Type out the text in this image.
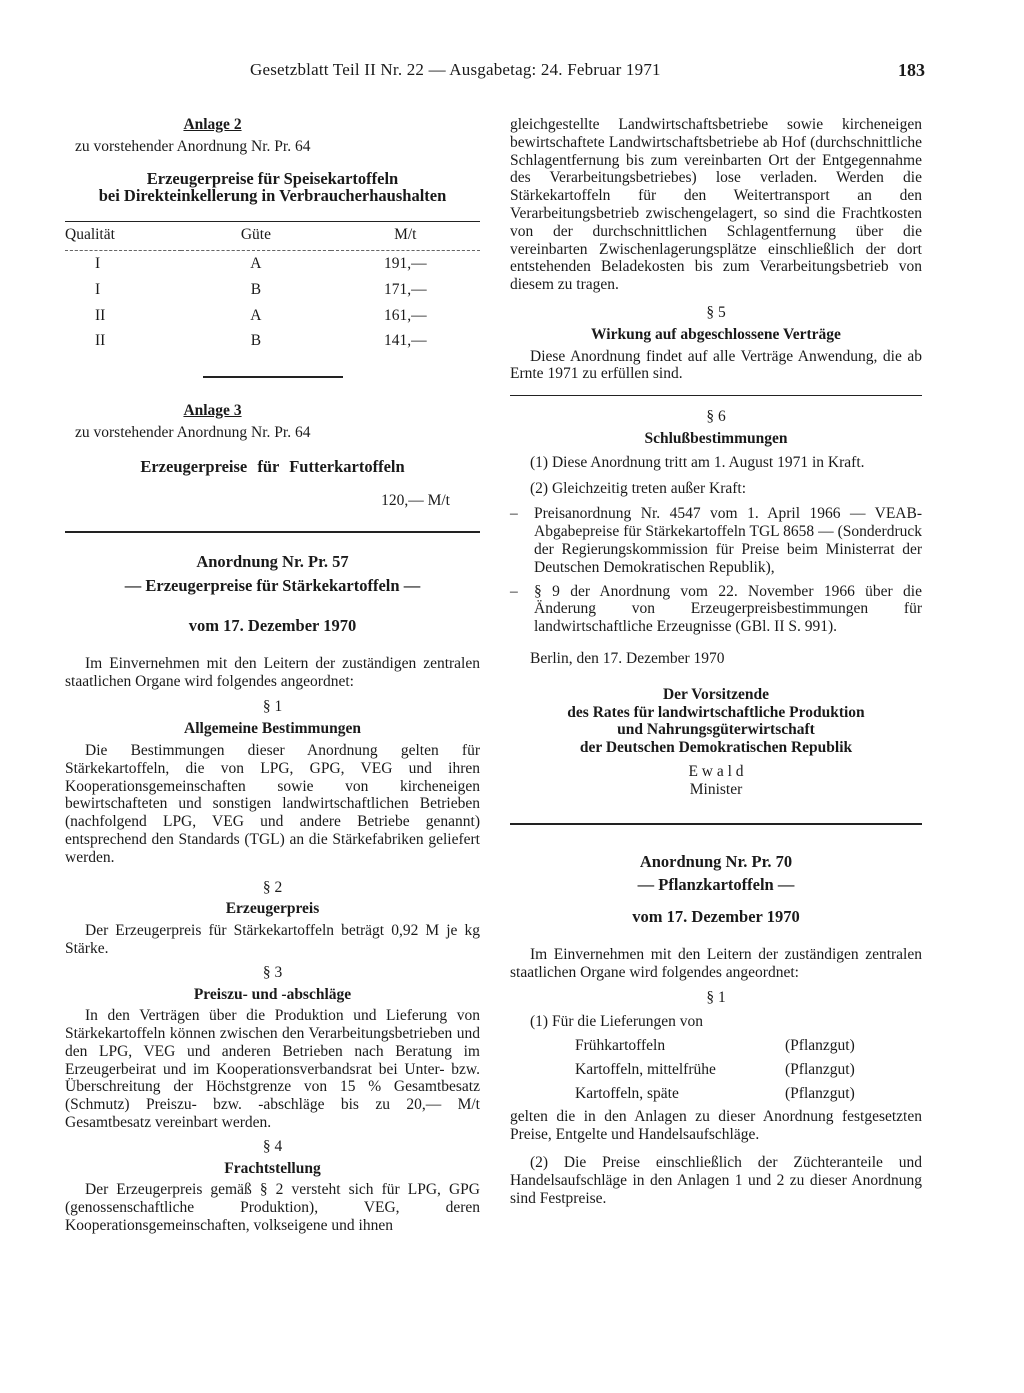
Gesetzblatt Teil II Nr. 22 — Ausgabetag: 24. Februar 1971	183
Anlage 2
zu vorstehender Anordnung Nr. Pr. 64
Erzeugerpreise für Speisekartoffeln
bei Direkteinkellerung in Verbraucherhaushalten
Qualität	Güte	M/t
I	A	191,—
I	B	171,—
II	A	161,—
II	B	141,—
Anlage 3
zu vorstehender Anordnung Nr. Pr. 64
Erzeugerpreise für Futterkartoffeln
120,— M/t
Anordnung Nr. Pr. 57
— Erzeugerpreise für Stärkekartoffeln —
vom 17. Dezember 1970

Im Einvernehmen mit den Leitern der zuständigen zentralen staatlichen Organe wird folgendes angeordnet:

§ 1
Allgemeine Bestimmungen

Die Bestimmungen dieser Anordnung gelten für Stärkekartoffeln, die von LPG, GPG, VEG und ihren Kooperationsgemeinschaften sowie von kircheneigen bewirtschafteten und sonstigen landwirtschaftlichen Betrieben (nachfolgend LPG, VEG und andere Betriebe genannt) entsprechend den Standards (TGL) an die Stärkefabriken geliefert werden.

§ 2
Erzeugerpreis

Der Erzeugerpreis für Stärkekartoffeln beträgt 0,92 M je kg Stärke.

§ 3
Preiszu- und -abschläge

In den Verträgen über die Produktion und Lieferung von Stärkekartoffeln können zwischen den Verarbeitungsbetrieben und den LPG, VEG und anderen Betrieben nach Beratung im Erzeugerbeirat und im Kooperationsverbandsrat bei Unter- bzw. Überschreitung der Höchstgrenze von 15 % Gesamtbesatz (Schmutz) Preiszu- bzw. -abschläge bis zu 20,— M/t Gesamtbesatz vereinbart werden.

§ 4
Frachtstellung

Der Erzeugerpreis gemäß § 2 versteht sich für LPG, GPG (genossenschaftliche Produktion), VEG, deren Kooperationsgemeinschaften, volkseigene und ihnen

gleichgestellte Landwirtschaftsbetriebe sowie kircheneigen bewirtschaftete Landwirtschaftsbetriebe ab Hof (durchschnittliche Schlagentfernung bis zum vereinbarten Ort der Entgegennahme des Verarbeitungsbetriebes) lose verladen. Werden die Stärkekartoffeln für den Weitertransport an den Verarbeitungsbetrieb zwischengelagert, so sind die Frachtkosten von der durchschnittlichen Schlagentfernung über die vereinbarten Zwischenlagerungsplätze einschließlich der dort entstehenden Beladekosten bis zum Verarbeitungsbetrieb von diesem zu tragen.

§ 5
Wirkung auf abgeschlossene Verträge

Diese Anordnung findet auf alle Verträge Anwendung, die ab Ernte 1971 zu erfüllen sind.

§ 6
Schlußbestimmungen

(1) Diese Anordnung tritt am 1. August 1971 in Kraft.

(2) Gleichzeitig treten außer Kraft:

–	Preisanordnung Nr. 4547 vom 1. April 1966 — VEAB-Abgabepreise für Stärkekartoffeln TGL 8658 — (Sonderdruck der Regierungskommission für Preise beim Ministerrat der Deutschen Demokratischen Republik),
–	§ 9 der Anordnung vom 22. November 1966 über die Änderung von Erzeugerpreisbestimmungen für landwirtschaftliche Erzeugnisse (GBl. II S. 991).

Berlin, den 17. Dezember 1970

Der Vorsitzende
des Rates für landwirtschaftliche Produktion
und Nahrungsgüterwirtschaft
der Deutschen Demokratischen Republik
E w a l d
Minister
Anordnung Nr. Pr. 70
— Pflanzkartoffeln —
vom 17. Dezember 1970

Im Einvernehmen mit den Leitern der zuständigen zentralen staatlichen Organe wird folgendes angeordnet:

§ 1

(1) Für die Lieferungen von

Frühkartoffeln	(Pflanzgut)
Kartoffeln, mittelfrühe	(Pflanzgut)
Kartoffeln, späte	(Pflanzgut)

gelten die in den Anlagen zu dieser Anordnung festgesetzten Preise, Entgelte und Handelsaufschläge.

(2) Die Preise einschließlich der Züchteranteile und Handelsaufschläge in den Anlagen 1 und 2 zu dieser Anordnung sind Festpreise.
